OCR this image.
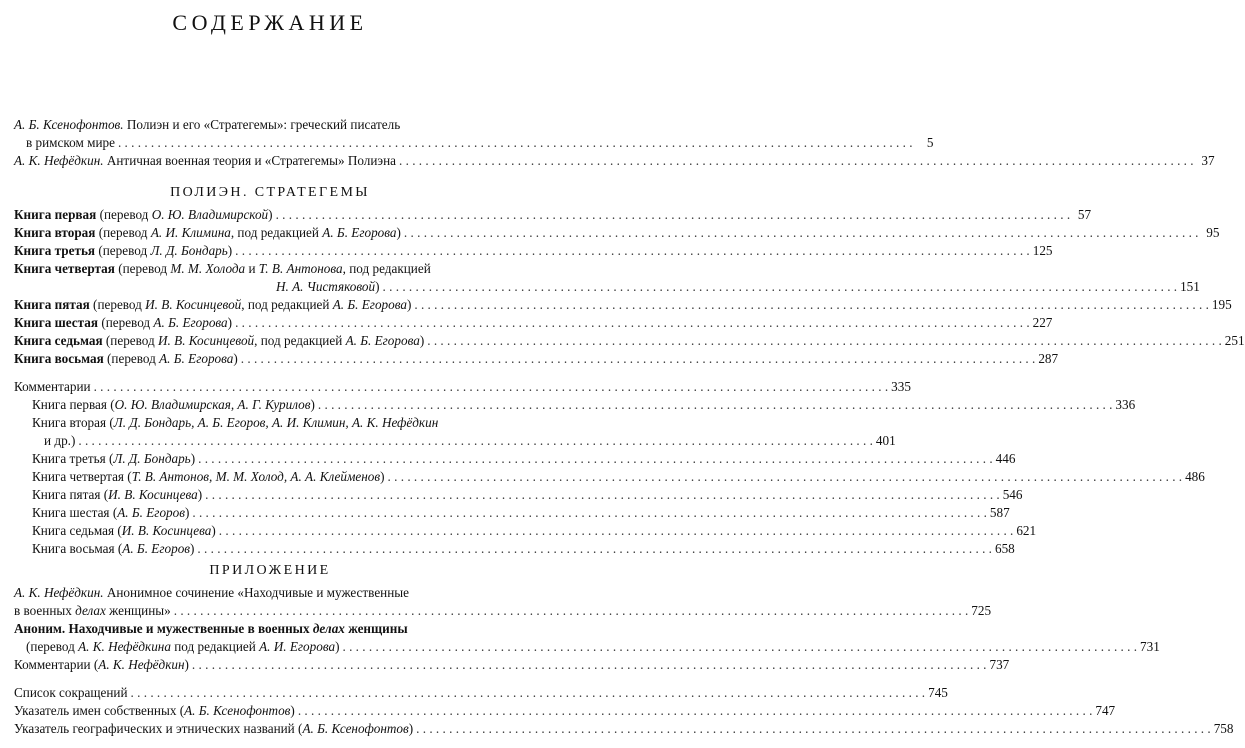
СОДЕРЖАНИЕ
А. Б. Ксенофонтов. Полиэн и его «Стратегемы»: греческий писатель
в римском мире . . .	5
А. К. Нефёдкин. Античная военная теория и «Стратегемы» Полиэна . . .	37
ПОЛИЭН. СТРАТЕГЕМЫ
Книга первая (перевод О. Ю. Владимирской) . . .	57
Книга вторая (перевод А. И. Климина, под редакцией А. Б. Егорова) . . .	95
Книга третья (перевод Л. Д. Бондарь) . . .	125
Книга четвертая (перевод М. М. Холода и Т. В. Антонова, под редакцией
Н. А. Чистяковой) . . .	151
Книга пятая (перевод И. В. Косинцевой, под редакцией А. Б. Егорова) . . .	195
Книга шестая (перевод А. Б. Егорова) . . .	227
Книга седьмая (перевод И. В. Косинцевой, под редакцией А. Б. Егорова) . . .	251
Книга восьмая (перевод А. Б. Егорова) . . .	287
Комментарии . . .	335
Книга первая (О. Ю. Владимирская, А. Г. Курилов) . . .	336
Книга вторая (Л. Д. Бондарь, А. Б. Егоров, А. И. Климин, А. К. Нефёдкин
и др.) . . .	401
Книга третья (Л. Д. Бондарь) . . .	446
Книга четвертая (Т. В. Антонов, М. М. Холод, А. А. Клейменов) . . .	486
Книга пятая (И. В. Косинцева) . . .	546
Книга шестая (А. Б. Егоров) . . .	587
Книга седьмая (И. В. Косинцева) . . .	621
Книга восьмая (А. Б. Егоров) . . .	658
ПРИЛОЖЕНИЕ
А. К. Нефёдкин. Анонимное сочинение «Находчивые и мужественные
в военных делах женщины» . . .	725
Аноним. Находчивые и мужественные в военных делах женщины
(перевод А. К. Нефёдкина под редакцией А. И. Егорова) . . .	731
Комментарии (А. К. Нефёдкин) . . .	737
Список сокращений . . .	745
Указатель имен собственных (А. Б. Ксенофонтов) . . .	747
Указатель географических и этнических названий (А. Б. Ксенофонтов) . . .	758
